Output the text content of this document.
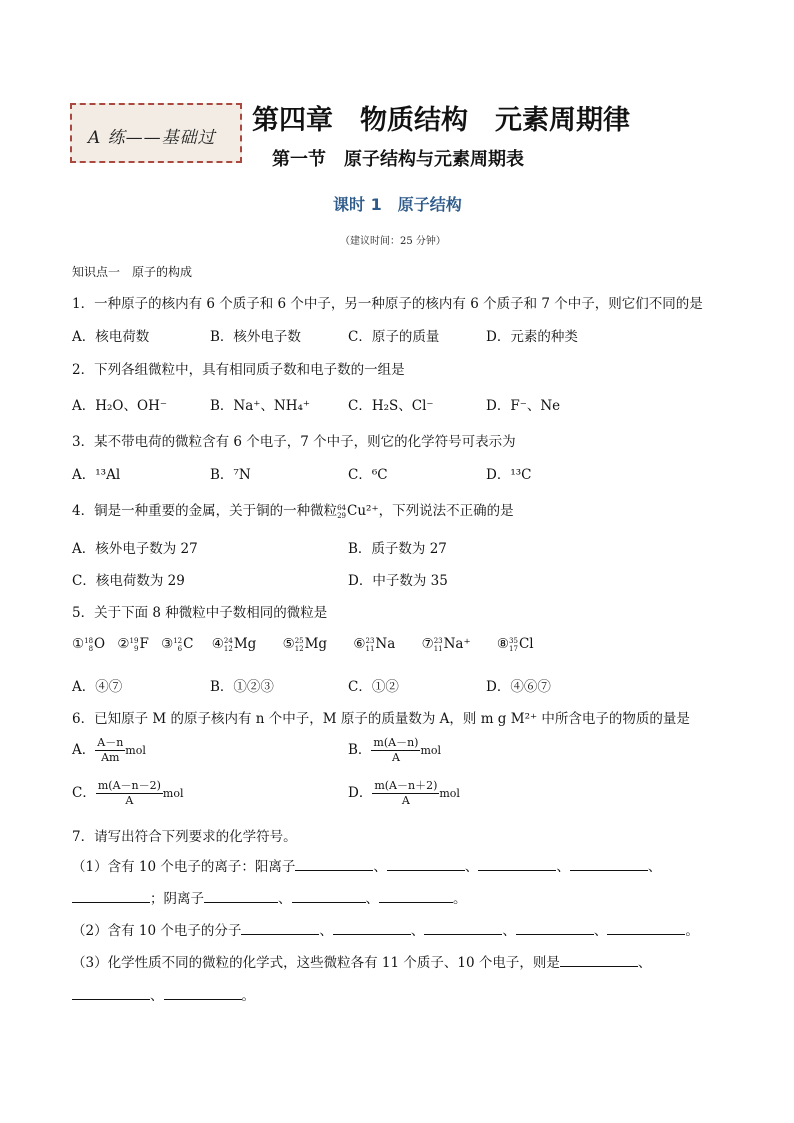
A 练——基础过
第四章　物质结构　元素周期律
第一节　原子结构与元素周期表
课时 1　原子结构
（建议时间：25 分钟）
知识点一　原子的构成
1．一种原子的核内有 6 个质子和 6 个中子，另一种原子的核内有 6 个质子和 7 个中子，则它们不同的是
A．核电荷数	B．核外电子数	C．原子的质量	D．元素的种类
2．下列各组微粒中，具有相同质子数和电子数的一组是
A．H₂O、OH⁻	B．Na⁺、NH₄⁺	C．H₂S、Cl⁻	D．F⁻、Ne
3．某不带电荷的微粒含有 6 个电子，7 个中子，则它的化学符号可表示为
A．¹³Al	B．⁷N	C．⁶C	D．¹³C
4．铜是一种重要的金属，关于铜的一种微粒 64
29 Cu²⁺，下列说法不正确的是
A．核外电子数为 27	B．质子数为 27
C．核电荷数为 29	D．中子数为 35
5．关于下面 8 种微粒中子数相同的微粒是
① 18
8 O ② 19
9 F ③ 12
6 C ④ 24
12 Mg ⑤ 25
12 Mg ⑥ 23
11 Na ⑦ 23
11 Na⁺ ⑧ 35
17 Cl
A．④⑦	B．①②③	C．①②	D．④⑥⑦
6．已知原子 M 的原子核内有 n 个中子，M 原子的质量数为 A，则 m g M²⁺ 中所含电子的物质的量是
A． $\frac{A-n}{Am}$ mol	B． $\frac{m(A-n)}{A}$ mol
C． $\frac{m(A-n-2)}{A}$ mol	D． $\frac{m(A-n+2)}{A}$ mol
7．请写出符合下列要求的化学符号。
（1）含有 10 个电子的离子：阳离子	、	、	、	、
；阴离子	、	、	。
（2）含有 10 个电子的分子	、	、	、	、	。
（3）化学性质不同的微粒的化学式，这些微粒各有 11 个质子、10 个电子，则是	、
、	。
